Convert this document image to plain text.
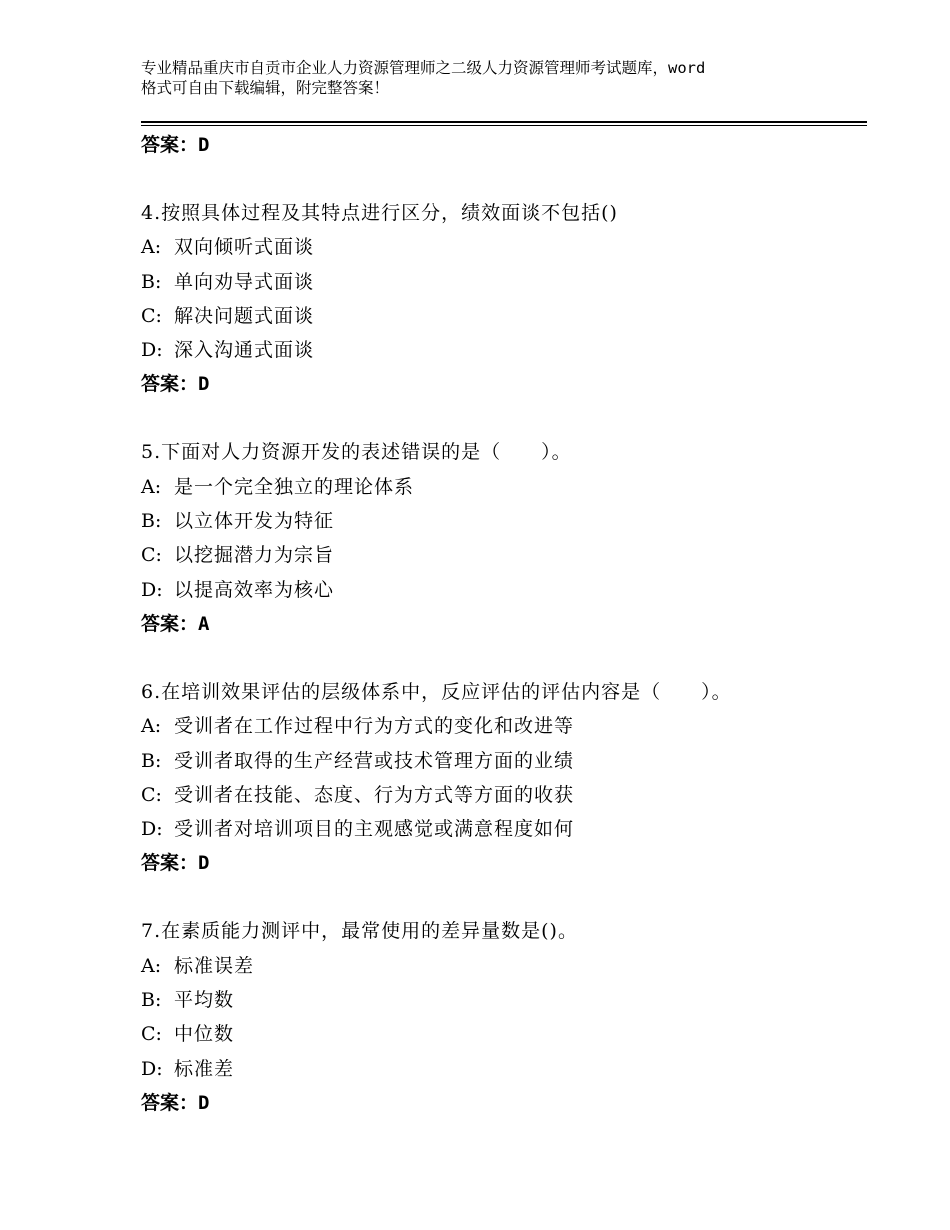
专业精品重庆市自贡市企业人力资源管理师之二级人力资源管理师考试题库，word
格式可自由下载编辑，附完整答案！
答案：D
4.按照具体过程及其特点进行区分，绩效面谈不包括()
A: 双向倾听式面谈
B: 单向劝导式面谈
C: 解决问题式面谈
D: 深入沟通式面谈
答案：D
5.下面对人力资源开发的表述错误的是（　　）。
A: 是一个完全独立的理论体系
B: 以立体开发为特征
C: 以挖掘潜力为宗旨
D: 以提高效率为核心
答案：A
6.在培训效果评估的层级体系中，反应评估的评估内容是（　　）。
A: 受训者在工作过程中行为方式的变化和改进等
B: 受训者取得的生产经营或技术管理方面的业绩
C: 受训者在技能、态度、行为方式等方面的收获
D: 受训者对培训项目的主观感觉或满意程度如何
答案：D
7.在素质能力测评中，最常使用的差异量数是()。
A: 标准误差
B: 平均数
C: 中位数
D: 标准差
答案：D
